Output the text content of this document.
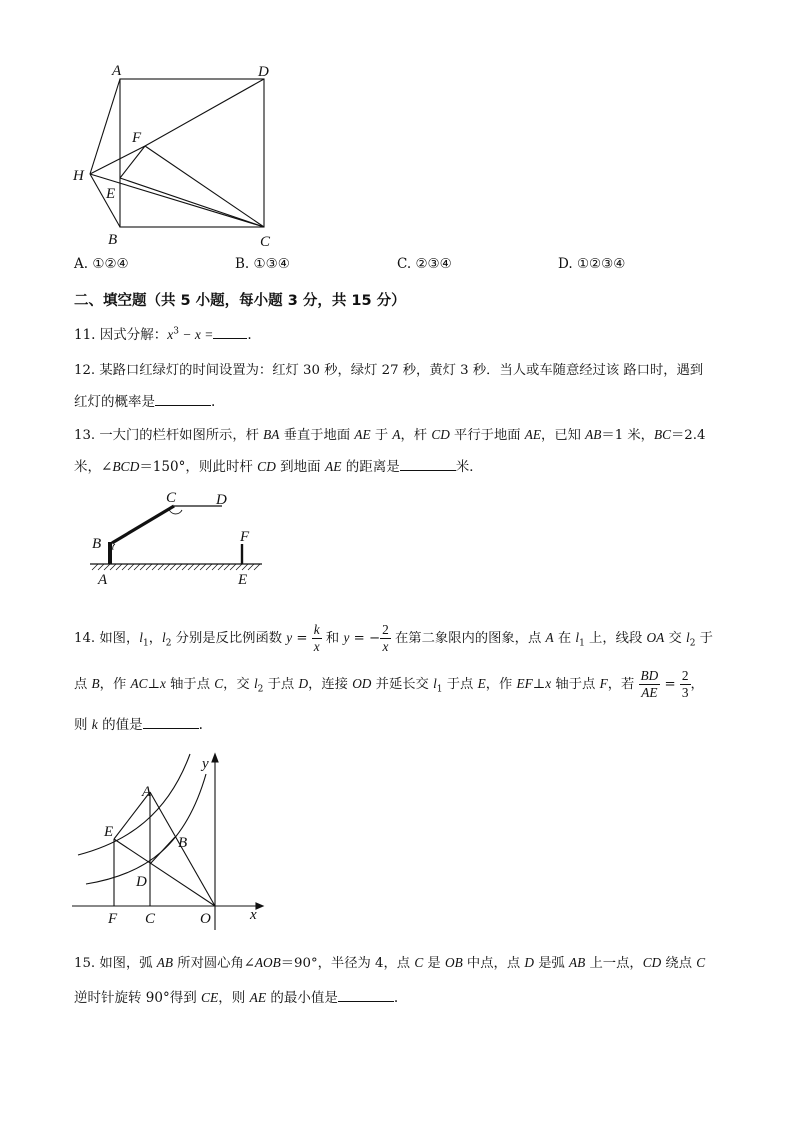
A	D
F
H
E
B	C
A. ①②④	B. ①③④	C. ②③④	D. ①②③④
二、填空题（共 5 小题，每小题 3 分，共 15 分）
11. 因式分解：$x^3 - x$ =	.
12. 某路口红绿灯的时间设置为：红灯 30 秒，绿灯 27 秒，黄灯 3 秒．当人或车随意经过该 路口时，遇到
红灯的概率是	.
13. 一大门的栏杆如图所示，杆 BA 垂直于地面 AE 于 A，杆 CD 平行于地面 AE，已知 AB＝1 米，BC＝2.4
米，∠BCD＝150°，则此时杆 CD 到地面 AE 的距离是	米．
C	D
B	F
A	E
14. 如图，$l_1$，$l_2$ 分别是反比例函数 $y = \frac{k}{x}$ 和 y = − $\frac{2}{x}$ 在第二象限内的图象，点 A 在 $l_1$ 上，线段 OA 交 $l_2$ 于
点 B，作 AC⊥x 轴于点 C，交 $l_2$ 于点 D，连接 OD 并延长交 $l_1$ 于点 E，作 EF⊥x 轴于点 F，若 $\frac{BD}{AE} = \frac{2}{3}$ ，
则 k 的值是	.
y
A
E
B
D
F C	O	x
15. 如图，弧 AB 所对圆心角∠AOB＝90°，半径为 4，点 C 是 OB 中点，点 D 是弧 AB 上一点，CD 绕点 C
逆时针旋转 90°得到 CE，则 AE 的最小值是	.
